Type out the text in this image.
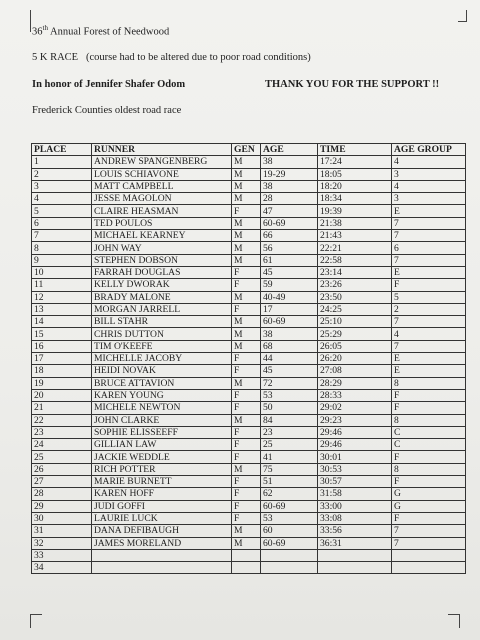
36th Annual Forest of Needwood
5 K RACE   (course had to be altered due to poor road conditions)
In honor of Jennifer Shafer Odom	THANK YOU FOR THE SUPPORT !!
Frederick Counties oldest road race
PLACE	RUNNER	GEN	AGE	TIME	AGE GROUP
1	ANDREW SPANGENBERG	M	38	17:24	4
2	LOUIS SCHIAVONE	M	19-29	18:05	3
3	MATT CAMPBELL	M	38	18:20	4
4	JESSE MAGOLON	M	28	18:34	3
5	CLAIRE HEASMAN	F	47	19:39	E
6	TED POULOS	M	60-69	21:38	7
7	MICHAEL KEARNEY	M	66	21:43	7
8	JOHN WAY	M	56	22:21	6
9	STEPHEN DOBSON	M	61	22:58	7
10	FARRAH DOUGLAS	F	45	23:14	E
11	KELLY DWORAK	F	59	23:26	F
12	BRADY MALONE	M	40-49	23:50	5
13	MORGAN JARRELL	F	17	24:25	2
14	BILL STAHR	M	60-69	25:10	7
15	CHRIS DUTTON	M	38	25:29	4
16	TIM O'KEEFE	M	68	26:05	7
17	MICHELLE JACOBY	F	44	26:20	E
18	HEIDI NOVAK	F	45	27:08	E
19	BRUCE ATTAVION	M	72	28:29	8
20	KAREN YOUNG	F	53	28:33	F
21	MICHELE NEWTON	F	50	29:02	F
22	JOHN CLARKE	M	84	29:23	8
23	SOPHIE ELISSEEFF	F	23	29:46	C
24	GILLIAN LAW	F	25	29:46	C
25	JACKIE WEDDLE	F	41	30:01	F
26	RICH POTTER	M	75	30:53	8
27	MARIE BURNETT	F	51	30:57	F
28	KAREN HOFF	F	62	31:58	G
29	JUDI GOFFI	F	60-69	33:00	G
30	LAURIE LUCK	F	53	33:08	F
31	DANA DEFIBAUGH	M	60	33:56	7
32	JAMES MORELAND	M	60-69	36:31	7
33					
34					
